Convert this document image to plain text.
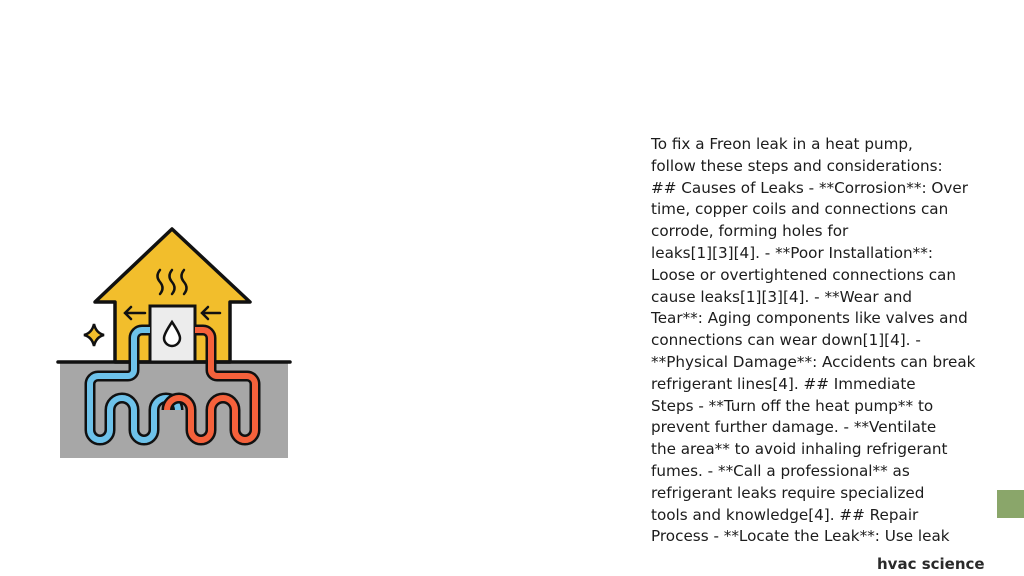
To fix a Freon leak in a heat pump,
follow these steps and considerations:
## Causes of Leaks - **Corrosion**: Over
time, copper coils and connections can
corrode, forming holes for
leaks[1][3][4]. - **Poor Installation**:
Loose or overtightened connections can
cause leaks[1][3][4]. - **Wear and
Tear**: Aging components like valves and
connections can wear down[1][4]. -
**Physical Damage**: Accidents can break
refrigerant lines[4]. ## Immediate
Steps - **Turn off the heat pump** to
prevent further damage. - **Ventilate
the area** to avoid inhaling refrigerant
fumes. - **Call a professional** as
refrigerant leaks require specialized
tools and knowledge[4]. ## Repair
Process - **Locate the Leak**: Use leak
hvac science
